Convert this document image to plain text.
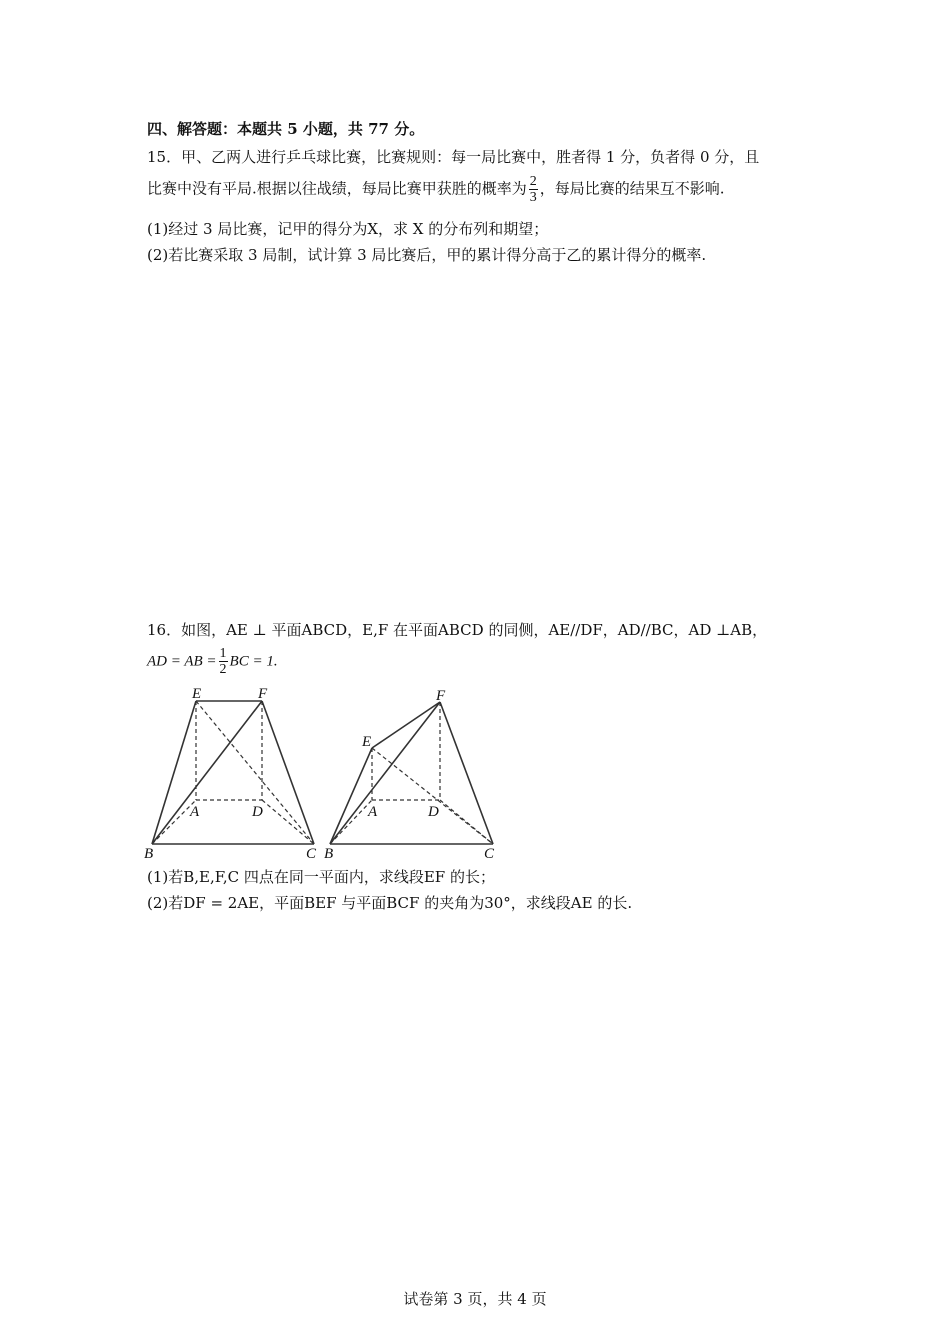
四、解答题：本题共 5 小题，共 77 分。
15．甲、乙两人进行乒乓球比赛，比赛规则：每一局比赛中，胜者得 1 分，负者得 0 分，且
比赛中没有平局.根据以往战绩，每局比赛甲获胜的概率为 $\frac{2}{3}$ ，每局比赛的结果互不影响.
(1)经过 3 局比赛，记甲的得分为X，求 X 的分布列和期望；
(2)若比赛采取 3 局制，试计算 3 局比赛后，甲的累计得分高于乙的累计得分的概率.
16．如图，AE ⊥ 平面ABCD，E,F 在平面ABCD 的同侧，AE//DF，AD//BC，AD ⊥AB，
AD = AB = $\frac{1}{2}$ BC = 1.
E	F
A	D
B	C
F
E
A	D
B	C
(1)若B,E,F,C 四点在同一平面内，求线段EF 的长；
(2)若DF = 2AE，平面BEF 与平面BCF 的夹角为30°，求线段AE 的长.
试卷第 3 页，共 4 页
